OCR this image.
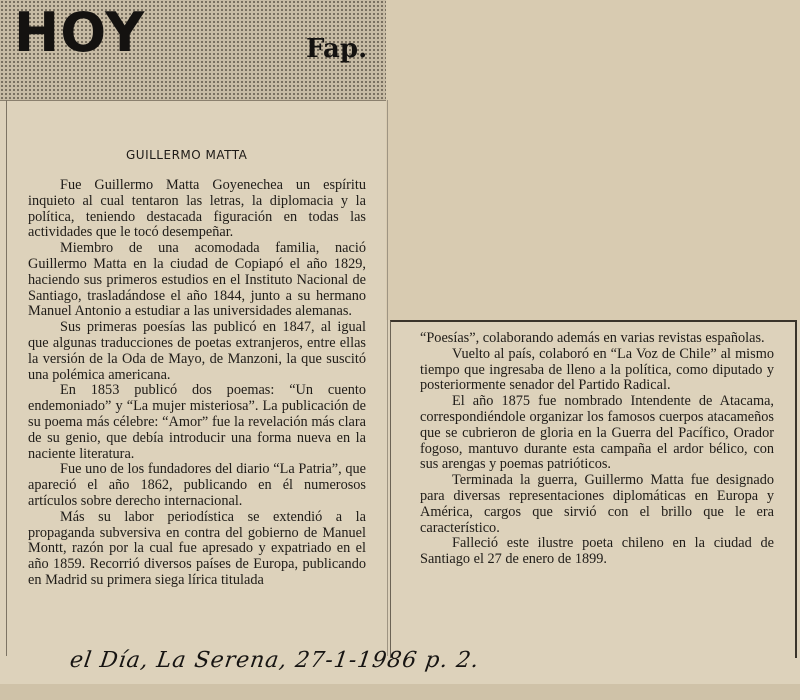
HOY	Fap.
GUILLERMO MATTA

Fue Guillermo Matta Goyenechea un espíritu inquieto al cual tentaron las letras, la diplomacia y la política, teniendo destacada figuración en todas las actividades que le tocó desempeñar.

Miembro de una acomodada familia, nació Guillermo Matta en la ciudad de Copiapó el año 1829, haciendo sus primeros estudios en el Instituto Nacional de Santiago, trasladándose el año 1844, junto a su hermano Manuel Antonio a estudiar a las universidades alemanas.

Sus primeras poesías las publicó en 1847, al igual que algunas traducciones de poetas extranjeros, entre ellas la versión de la Oda de Mayo, de Manzoni, la que suscitó una polémica americana.

En 1853 publicó dos poemas: “Un cuento endemoniado” y “La mujer misteriosa”. La publicación de su poema más célebre: “Amor” fue la revelación más clara de su genio, que debía introducir una forma nueva en la naciente literatura.

Fue uno de los fundadores del diario “La Patria”, que apareció el año 1862, publicando en él numerosos artículos sobre derecho internacional.

Más su labor periodística se extendió a la propaganda subversiva en contra del gobierno de Manuel Montt, razón por la cual fue apresado y expatriado en el año 1859. Recorrió diversos países de Europa, publicando en Madrid su primera siega lírica titulada

“Poesías”, colaborando además en varias revistas españolas.

Vuelto al país, colaboró en “La Voz de Chile” al mismo tiempo que ingresaba de lleno a la política, como diputado y posteriormente senador del Partido Radical.

El año 1875 fue nombrado Intendente de Atacama, correspondiéndole organizar los famosos cuerpos atacameños que se cubrieron de gloria en la Guerra del Pacífico, Orador fogoso, mantuvo durante esta campaña el ardor bélico, con sus arengas y poemas patrióticos.

Terminada la guerra, Guillermo Matta fue designado para diversas representaciones diplomáticas en Europa y América, cargos que sirvió con el brillo que le era característico.

Falleció este ilustre poeta chileno en la ciudad de Santiago el 27 de enero de 1899.

el Día, La Serena, 27-1-1986 p. 2.
